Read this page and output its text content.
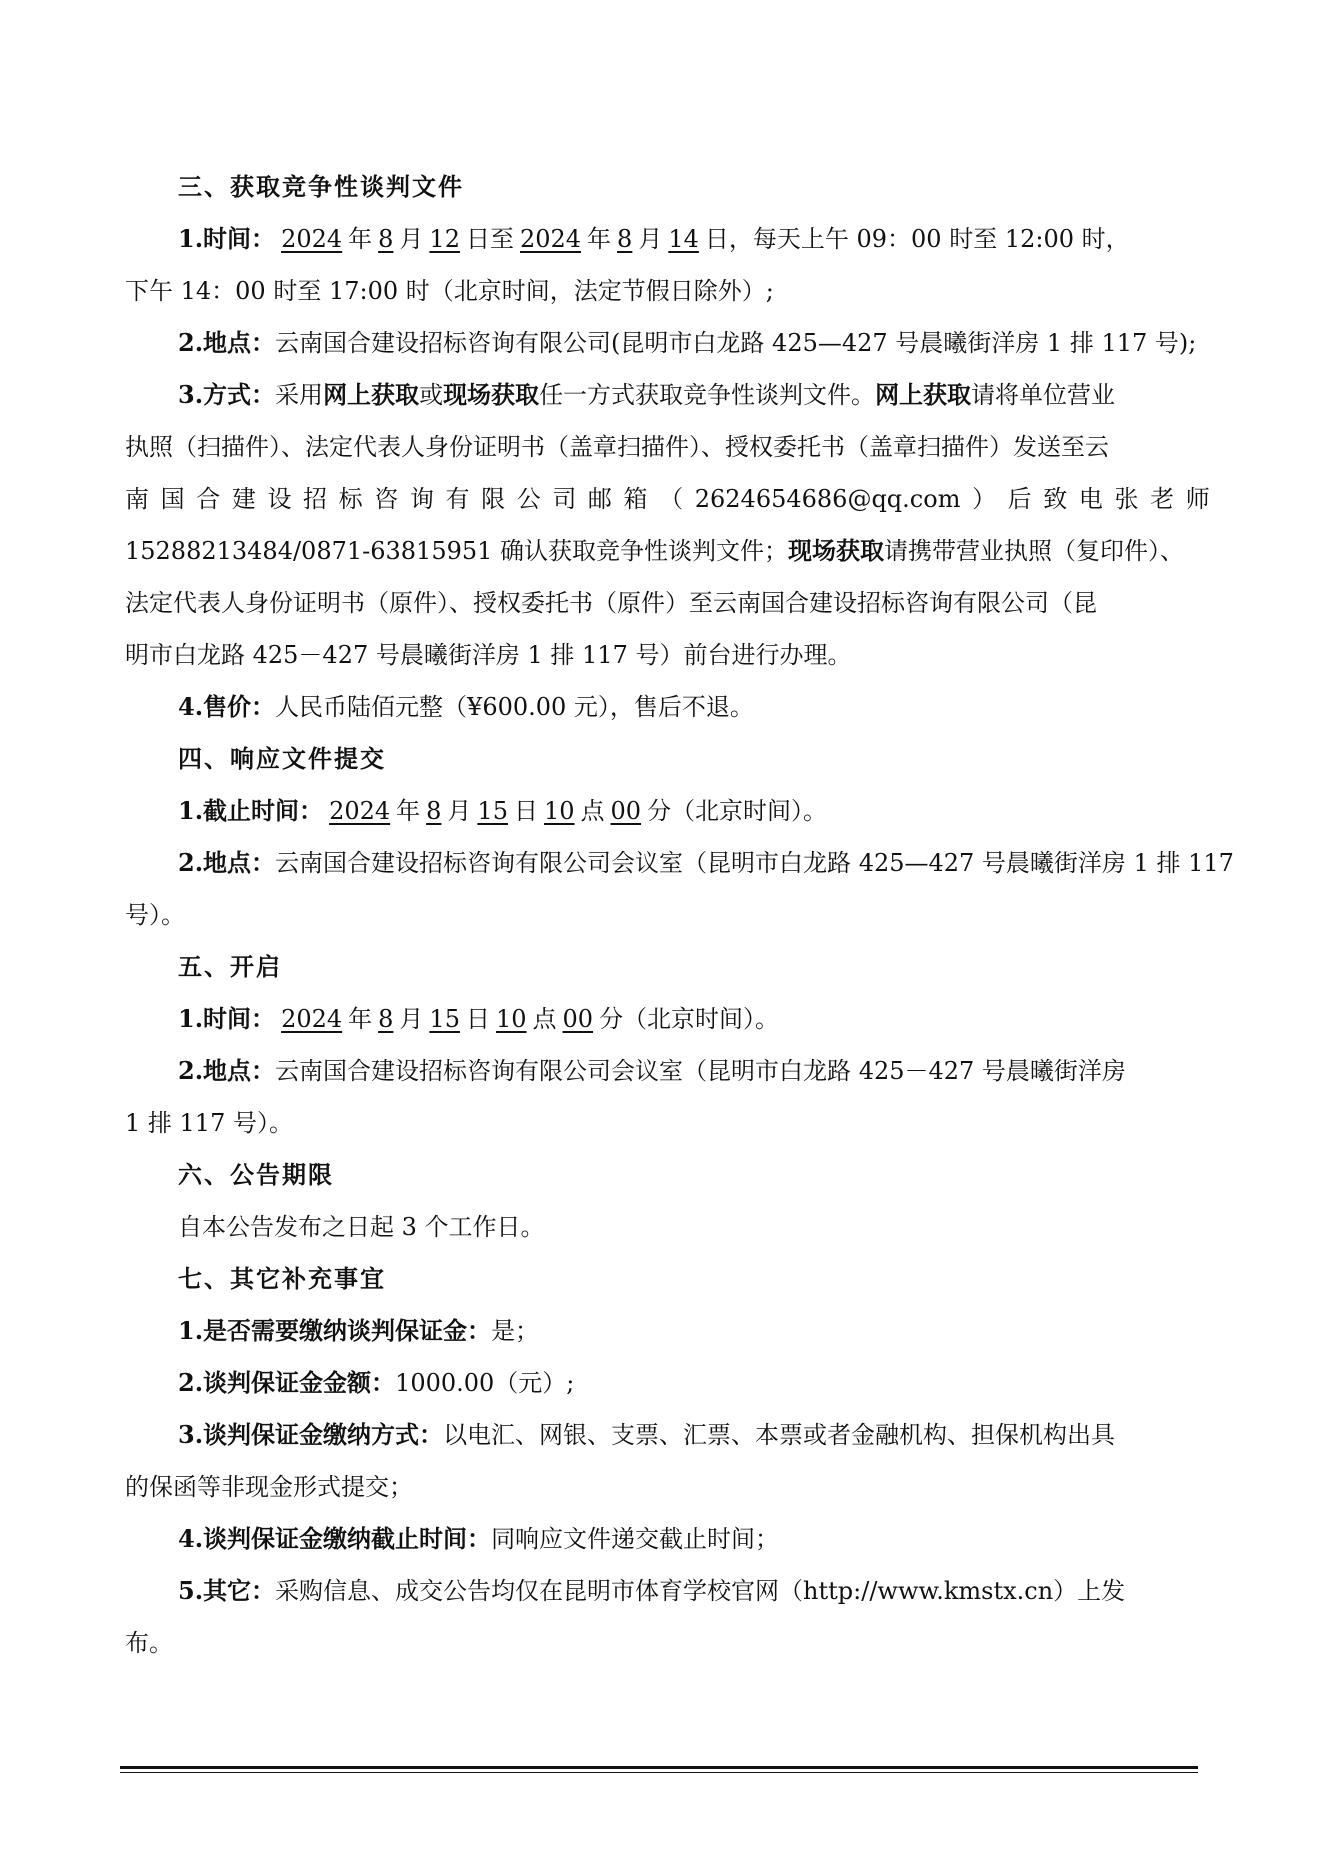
三、获取竞争性谈判文件
1.时间： 2024 年 8 月 12 日至 2024 年 8 月 14 日，每天上午 09：00 时至 12:00 时，
下午 14：00 时至 17:00 时（北京时间，法定节假日除外）;
2.地点：云南国合建设招标咨询有限公司(昆明市白龙路 425—427 号晨曦街洋房 1 排 117 号);
3.方式：采用网上获取或现场获取任一方式获取竞争性谈判文件。网上获取请将单位营业
执照（扫描件）、法定代表人身份证明书（盖章扫描件）、授权委托书（盖章扫描件）发送至云
南 国 合 建 设 招 标 咨 询 有 限 公 司 邮 箱 （ 2624654686@qq.com ） 后 致 电 张 老 师
15288213484/0871-63815951 确认获取竞争性谈判文件；现场获取请携带营业执照（复印件）、
法定代表人身份证明书（原件）、授权委托书（原件）至云南国合建设招标咨询有限公司（昆
明市白龙路 425－427 号晨曦街洋房 1 排 117 号）前台进行办理。
4.售价：人民币陆佰元整（¥600.00 元），售后不退。
四、响应文件提交
1.截止时间： 2024 年 8 月 15 日 10 点 00 分（北京时间）。
2.地点：云南国合建设招标咨询有限公司会议室（昆明市白龙路 425—427 号晨曦街洋房 1 排 117
号）。
五、开启
1.时间： 2024 年 8 月 15 日 10 点 00 分（北京时间）。
2.地点：云南国合建设招标咨询有限公司会议室（昆明市白龙路 425－427 号晨曦街洋房
1 排 117 号）。
六、公告期限
自本公告发布之日起 3 个工作日。
七、其它补充事宜
1.是否需要缴纳谈判保证金：是；
2.谈判保证金金额：1000.00（元）;
3.谈判保证金缴纳方式：以电汇、网银、支票、汇票、本票或者金融机构、担保机构出具
的保函等非现金形式提交；
4.谈判保证金缴纳截止时间：同响应文件递交截止时间；
5.其它：采购信息、成交公告均仅在昆明市体育学校官网（http://www.kmstx.cn）上发
布。
